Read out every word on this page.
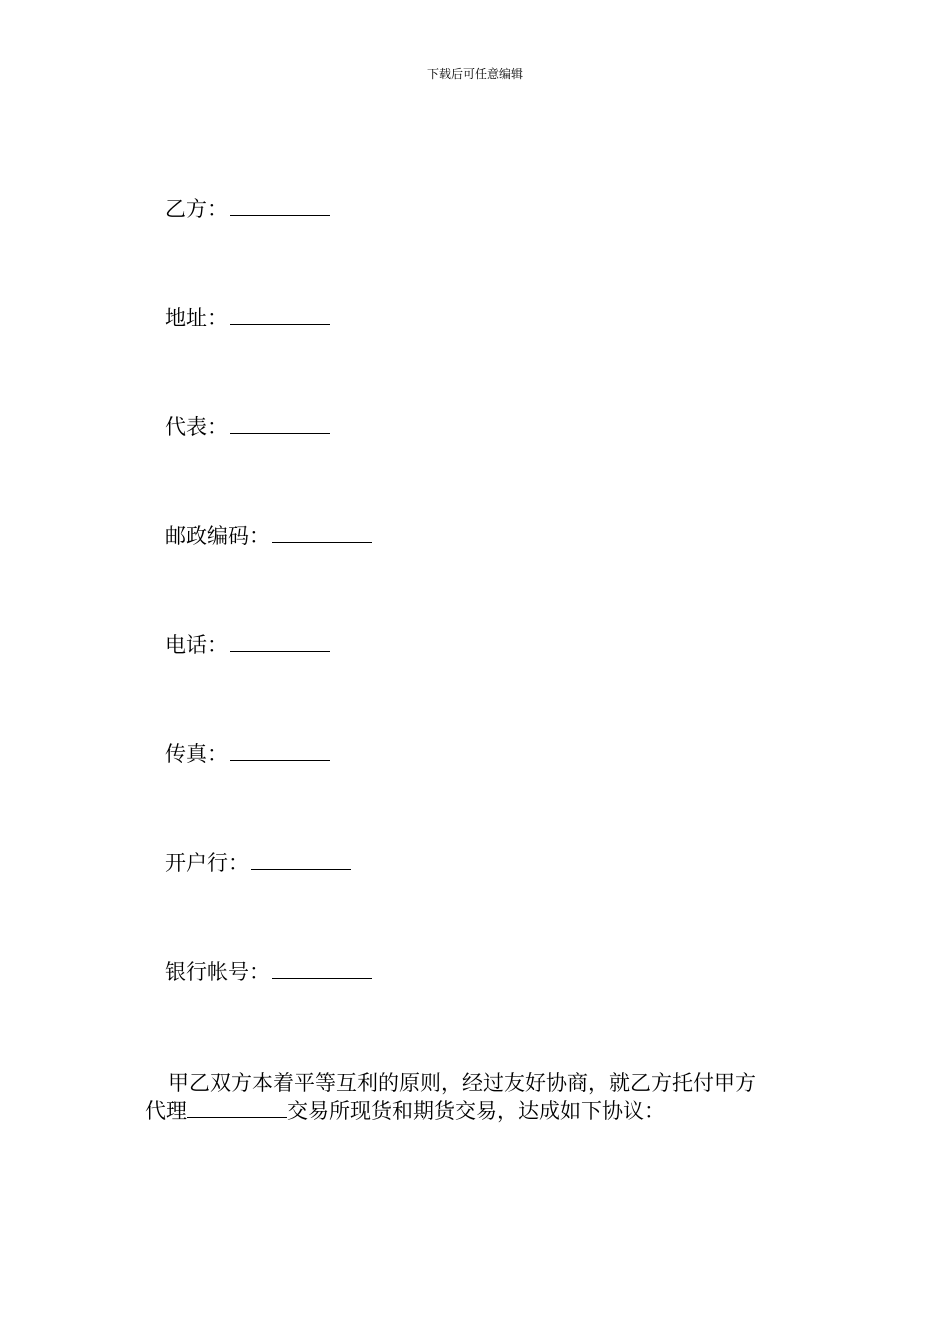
下载后可任意编辑
乙方：
地址：
代表：
邮政编码：
电话：
传真：
开户行：
银行帐号：
甲乙双方本着平等互利的原则，经过友好协商，就乙方托付甲方
代理	交易所现货和期货交易，达成如下协议：
